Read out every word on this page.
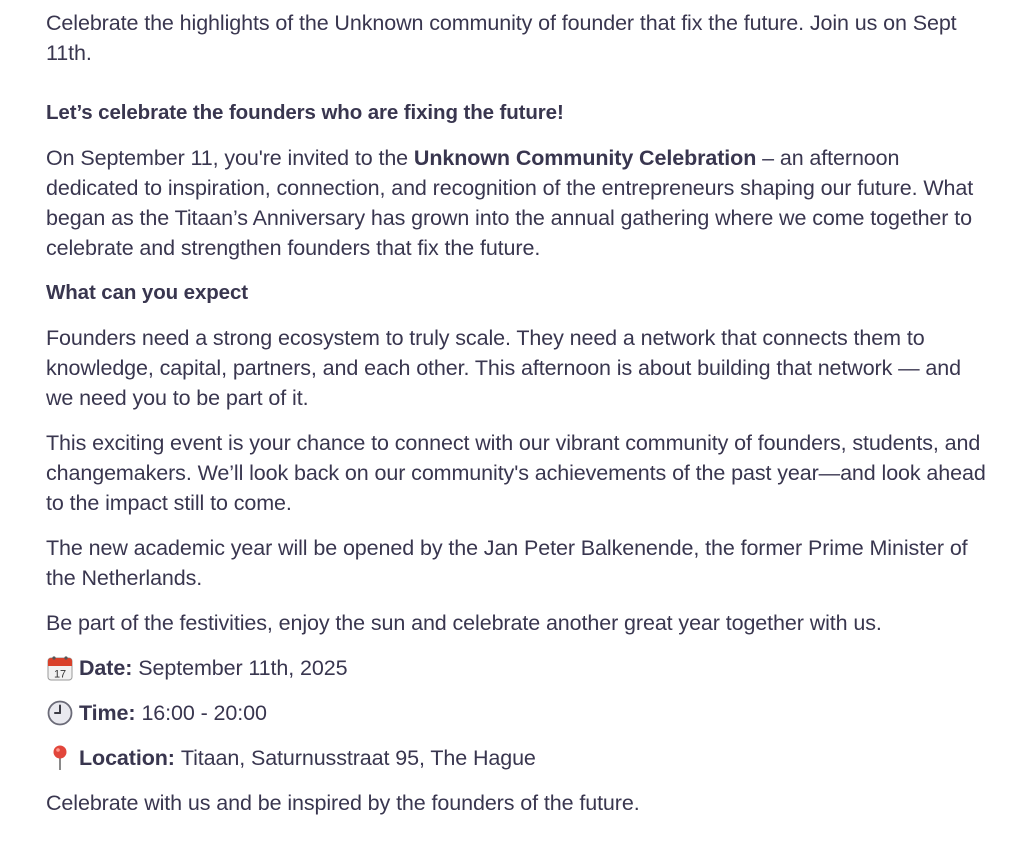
Celebrate the highlights of the Unknown community of founder that fix the future. Join us on Sept 11th.

Let’s celebrate the founders who are fixing the future!

On September 11, you're invited to the Unknown Community Celebration – an afternoon dedicated to inspiration, connection, and recognition of the entrepreneurs shaping our future. What began as the Titaan’s Anniversary has grown into the annual gathering where we come together to celebrate and strengthen founders that fix the future.

What can you expect

Founders need a strong ecosystem to truly scale. They need a network that connects them to knowledge, capital, partners, and each other. This afternoon is about building that network — and we need you to be part of it.

This exciting event is your chance to connect with our vibrant community of founders, students, and changemakers. We’ll look back on our community's achievements of the past year—and look ahead to the impact still to come.

The new academic year will be opened by the Jan Peter Balkenende, the former Prime Minister of the Netherlands.

Be part of the festivities, enjoy the sun and celebrate another great year together with us.

17 Date: September 11th, 2025

Time: 16:00 - 20:00

Location: Titaan, Saturnusstraat 95, The Hague

Celebrate with us and be inspired by the founders of the future.
